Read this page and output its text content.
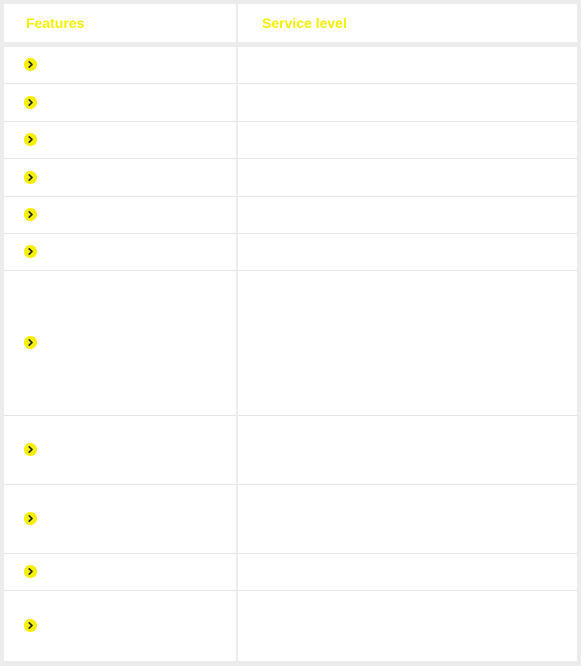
Features	Service level
